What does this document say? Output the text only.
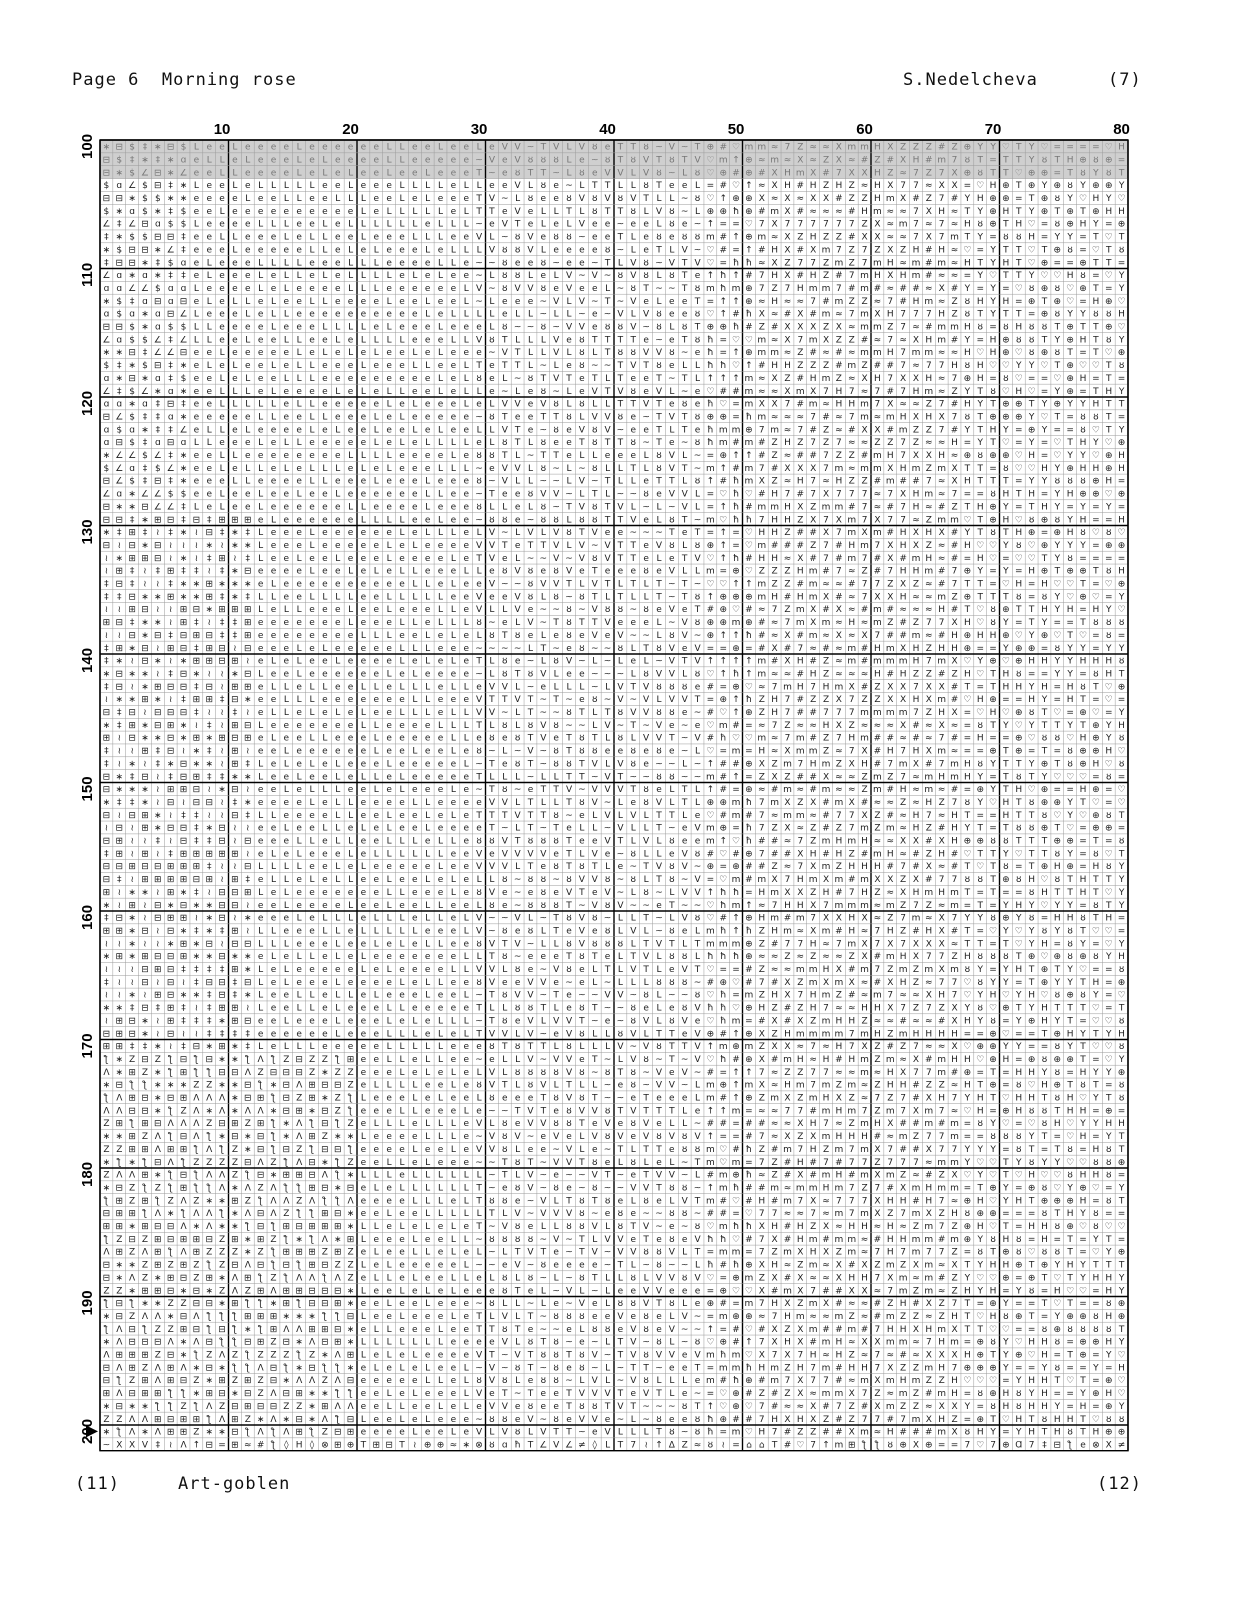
Page 6  Morning rose	S.Nedelcheva	(7)
∗ ⊟ $ ‡ ∗ ⊟ $ L e e L e e e e L e e e e e e L L e e L e e L e V V ~ T V L V ȣ e T T ȣ ~ V ~ T ⊕ # ♡ m m ≈ 7 Z ≈ ≈ X m m H X Z Z Z # Z ⊕ Y Y ♡ T Y ♡ = = = = ♡ H
⊟ $ ‡ ∗ ‡ ∗ ɑ e L L e L e e e L e L e e e e L L e e e e e ~ V e V ȣ ȣ ȣ L e ~ ȣ T ȣ V T ȣ T V ♡ m ↑ ⊕ ≈ m ≈ X ≈ Z X ≈ # Z # X H # m 7 ȣ T = T T Y ȣ T H ⊕ ȣ ⊕ =
⊟ ∗ $ ∠ ⊟ ∗ ∠ e e L L e e e e L e L e L e e L e e L e e e T ~ e ȣ T T ~ L ȣ e V V L V ȣ ~ L ȣ ♡ ⊕ # ⊕ # X H m X # 7 X X H Z ≈ 7 Z 7 X ⊕ ȣ T T ♡ ⊕ ⊕ = T ȣ Y ȣ T
$ ɑ ∠ $ ⊟ ‡ ∗ L e e L e L L L L L e e L e e e L L L L e L L e e V L ȣ e ~ L T T L L ȣ T e e L = # ♡ ↑ ≈ X H # H Z H Z ≈ H X 7 7 ≈ X X = ♡ H ⊕ T ⊕ Y ⊕ ȣ Y ⊕ ⊕ Y
⊟ ⊟ ∗ $ $ ∗ ∗ e e e e L e e L L e e L L L e e L e L e e e T V ~ L ȣ e e ȣ V ȣ V ȣ V T L L ~ ȣ ♡ ↑ ⊕ ⊕ X ≈ X ≈ X X # Z Z H m X # Z 7 # Y H ⊕ ⊕ = T ⊕ ȣ Y ♡ H Y ♡
$ ∗ ɑ $ ∗ ‡ $ e e L e e e e e e e e e e L e L L L L L e L T T e V e L L T L ȣ T T ȣ L V ȣ ~ L ⊕ ⊕ ħ ⊕ # m X # ≈ ≈ ≈ # H m ≈ ≈ 7 X H ≈ T Y ⊕ H T Y ⊕ T ⊕ T ⊕ H H
∠ ‡ ∠ ⊟ ɑ $ $ L e e e e L L L e e L e L L L L L L e L L L ~ e V T e L e L V e e ~ e e L ȣ e ~ ↑ = = ♡ 7 X 7 7 7 7 7 7 Z X ≈ m 7 ≈ 7 ≈ H ȣ ⊕ T H ♡ = ȣ ⊕ H Y = ⊕
‡ ∗ $ $ ⊟ ⊟ ‡ e e L L e e e L e L L e e L e e e L L L e e V L ~ ȣ V e ȣ ȣ ~ e e T L e ȣ e ȣ ȣ m # ↑ ⊕ m ≈ X Z H Z Z # X X ≈ ≈ 7 X 7 m T Y = ȣ ȣ H = Y Y = T ♡ T
∗ $ ⊟ ⊟ ∗ ∠ ‡ e e e L e e e e e L L e L e L e e e L e L L L V ȣ ȣ V L e e e e ȣ ~ L e T L V ~ ♡ # = ↑ # H X # X m 7 Z 7 Z X Z H # H ≈ ♡ = Y T T ♡ T ⊕ ȣ = ♡ T ȣ
‡ ⊟ ⊟ ∗ ‡ $ ɑ e L e e e L L L L e e e L L L e e e e L L e ~ ~ ȣ e e ȣ ~ e e ~ T L V ȣ ~ V T V ♡ = ħ ħ ≈ X Z 7 7 Z m Z 7 m H ≈ m # m ≈ H T Y H T ♡ ⊕ = = ⊕ T T =
∠ ɑ ∗ ɑ ∗ ‡ ‡ e L e e e L e L L e L e L L L L e L e L e e ~ L ȣ ȣ L e L V ~ V ~ ȣ V ȣ L ȣ T e ↑ ħ ↑ # 7 H X # H Z # 7 m H X H m # ≈ ≈ = Y ♡ T T Y ♡ ♡ H ȣ = ♡ Y
ɑ ɑ ∠ ∠ $ ɑ ɑ L e e e e L e L e e e e L L L e e e e e e L V ~ ȣ V V ȣ e V e e L ~ ȣ T ~ ~ T ȣ m ħ m ⊕ 7 Z 7 H m m 7 # m # ≈ # # ≈ X # Y = Y = ♡ ȣ ⊕ ȣ ♡ ⊕ T = Y
∗ $ ‡ ɑ ⊟ ɑ ⊟ e L e L L e L e e L L e e e e L e e L e e L ~ L e e e ~ V L V ~ T ~ V e L e e T = ↑ ↑ ⊕ ≈ H ≈ ≈ 7 # m Z Z ≈ 7 # H m ≈ Z ȣ H Y H = ⊕ T ⊕ ♡ = H ⊕ ♡
ɑ $ ɑ ∗ ɑ ⊟ ∠ L e e e L e L L e e e e e e e e e e L e L L L L e L L ~ L L ~ e ~ V L V ȣ e e ȣ ♡ ↑ # ħ X ≈ # X # m ≈ 7 m X H 7 7 7 H Z ȣ T Y T T = ⊕ ȣ Y Y ȣ ȣ H
⊟ ⊟ $ ∗ ɑ $ $ L L e e e e L e e e L L L L e L e e e L e e e L ȣ ~ ~ ȣ ~ V V e ȣ ȣ V ~ ȣ L ȣ T ⊕ ⊕ ħ # Z # X X X Z X ≈ m m Z 7 ≈ # m m H ȣ = ȣ H ȣ ȣ T ⊕ T T ⊕ ♡
∠ ɑ $ $ ∠ ‡ ∠ L L e e L e e L L e e L e L L L L e e e L L V ȣ T L L L V e ȣ T T T T e ~ e T ȣ ħ = ♡ ♡ m ≈ X 7 m X Z Z # ≈ 7 ≈ X H m # Y = H ⊕ ȣ ȣ T Y ⊕ H T ȣ Y
∗ ∗ ⊟ ‡ ∠ ∠ ⊟ e e L e e e e e L e L e L e L e e L e L e e e ~ V T L L V L ȣ L T ȣ ȣ V V ȣ ~ e ħ = ↑ ⊕ m m ≈ Z # ≈ # ≈ m m H 7 m m ≈ ≈ H ♡ H ⊕ ♡ ȣ ⊕ ȣ T = T ♡ ⊕
$ ‡ ∗ $ ⊟ ‡ ∗ e L e L e e L e L L e e e L e e e L L e e L T e T T L ~ L e ȣ ~ ~ T V T ȣ e L L ħ ħ ♡ ↑ # H H Z Z Z # m Z # # 7 ≈ 7 7 H ȣ H ♡ ♡ Y Y ♡ T ⊕ ♡ ♡ T ȣ
ɑ ∗ ⊟ ∗ ɑ ‡ $ e e L e L e e L L L e e e e e e e e e L e L ȣ e L ~ ȣ T V T e T L T e e T ~ T L ↑ ↑ ↑ m ≈ X Z # H m Z ≈ X H 7 X X H ≈ 7 ⊕ H = ȣ ♡ = = ♡ ⊕ H = T =
∠ ‡ $ ∠ ∗ ɑ ∗ e e L L L e L e e e e L e L e L L e e L e L L e ~ L e ȣ ~ L e V T V ȣ e V L ~ e ♡ # # m ≈ ≈ X m X 7 H 7 ≈ 7 # 7 H m ≈ Z Y T ȣ ♡ H ♡ = Y ⊕ = T H Y
ɑ ɑ ∗ ɑ ‡ ⊟ ‡ e e L L L L L e L L e e e e e L e L e e e L e L V V e V ȣ L ȣ L L T T V T e ȣ e ħ ♡ = m X X 7 # m ≈ H H m 7 X ≈ ≈ Z 7 # H Y T ⊕ ⊕ T Y ⊕ Y Y H T T
⊟ ∠ $ ‡ ‡ ɑ ∗ e e e e e L L e e L L e e e L e L e e e e e ~ ȣ T e e T T ȣ L V V ȣ e ~ T V T ȣ ⊕ ⊕ = ħ m ≈ ≈ ≈ 7 # ≈ 7 m ≈ m H X H X 7 ȣ T ⊕ ⊕ ⊕ Y ♡ T = ȣ ȣ T =
ɑ $ ɑ ∗ ‡ ‡ ∠ e L L e L e e e e L e L e e L e e L e L e e L L V T e ~ ȣ e V ȣ V ~ e e T L T e ħ m m ⊕ 7 m ≈ 7 # Z ≈ # X X # m Z Z 7 # Y T H Y = ⊕ Y = = ȣ ♡ T Y
ɑ ⊟ $ ‡ ɑ ⊟ ɑ L L e e e L e L L e e e e e L e L e L L L L e L ȣ T L ȣ e e T ȣ T T ȣ ~ T e ~ ȣ ħ m # m # Z H Z 7 Z 7 ≈ ≈ Z Z 7 Z ≈ ≈ H = Y T ♡ = Y = ♡ T H Y ♡ ⊕
∗ ∠ ∠ $ ∠ ‡ ∗ e e L L e e e e e e e e L L L L e e e e L e ȣ ȣ T L ~ T T e L L e e e L ȣ V L ~ = ⊕ ↑ ↑ # Z ≈ # # 7 Z Z # m H 7 X X H ≈ ⊕ ȣ ⊕ ⊕ ♡ H = ♡ Y Y ♡ ⊕ H
$ ∠ ɑ ‡ $ ∠ ∗ e e L e L L e L e L L L e L e L e e e L L L ~ e V V L ȣ ~ L ~ ȣ L L T L ȣ V T ~ m ↑ # m 7 # X X X 7 m ≈ m m X H m Z m X T T = ȣ ♡ ♡ H Y ⊕ H H ⊕ H
⊟ ∠ $ ‡ ⊟ ‡ ∗ e e e L L e e e e L L e e e L e e e L e e e ȣ ~ V L L ~ ~ L V ~ T L L e T T L ȣ ↑ # ħ m X Z ≈ H 7 ≈ H Z Z # m # # 7 ≈ X H T T T = Y Y ȣ ȣ ȣ ⊕ H =
∠ ɑ ∗ ∠ ∠ $ $ e e L e e L e e L e e L e e e e e e L L e e ~ T e e ȣ V V ~ L T L ~ ~ ȣ e V V L = ♡ ħ ♡ # H 7 # 7 X 7 7 7 ≈ 7 X H m ≈ 7 = = ȣ H T H = Y H ⊕ ⊕ ♡ ⊕
⊟ ∗ ∗ ⊟ ∠ ∠ ‡ L e L e e L e e e e e e L L e e e e L e e e ȣ L L e L ȣ ~ T V ȣ T V L ~ L ~ V L = ↑ ħ # m m H X Z m m # 7 ≈ # 7 H ≈ # Z T H ⊕ Y = T H Y = Y = Y =
⊟ ⊟ ‡ ∗ ⊞ ⊟ ‡ ⊟ ‡ ⊞ ⊞ ⊞ e L e e e e e e L L L L e e L e e ~ ȣ ȣ e ~ ȣ ȣ L ȣ ȣ T T V e L ȣ T ~ m ♡ ħ ħ 7 H H Z X 7 X m 7 X 7 7 ≈ Z m m ♡ T ⊕ H ♡ ȣ ⊕ ȣ Y H = = H
∗ ‡ ⊞ ‡ ≀ ‡ ∗ ≀ ⊟ ‡ ∗ ‡ L e e e L e e e e e e L e L L L e L V ~ L V L V ȣ T V e e ~ ~ ~ T e T = ↑ = ♡ H H Z # # X 7 m X m # H X H X # Y T ȣ T H ⊕ = ⊕ H ȣ ♡ ȣ ♡
⊟ ≀ ⊟ ∗ ⊟ ≀ ≀ ≀ ∗ ≀ ∗ ∗ L e e e L e e e e e L e L e e e e V V T e T T V L V ~ V T T e V ȣ L ȣ ⊕ ↑ = ♡ m # # # Z 7 # H m 7 X H X Z ≈ # H ♡ ♡ Y ȣ ♡ ⊕ Y Y Y = ⊕ ⊕
≀ ∗ ⊞ ⊞ ⊟ ≀ ∗ ≀ ‡ ⊞ ≀ ‡ L e e L e e L e e e L e e e e L e T V e L ~ ~ V ~ V ȣ V T T e L e T V ♡ ↑ ħ # H H ≈ X # 7 # m 7 # X # m H ≈ # = H ♡ = ♡ ♡ T Y ȣ = = = =
≀ ⊞ ‡ ≀ ‡ ⊞ ‡ ‡ ≀ ‡ ∗ ⊟ e e e e L e e L e L e L L e e e L L e ȣ V ȣ e ȣ V e T e e e ȣ e V L L m = ⊕ ♡ Z Z Z H m # 7 ≈ Z # 7 H H m # 7 ⊕ Y = Y = H ⊕ T ⊕ ⊕ T ȣ H
‡ ⊟ ‡ ≀ ≀ ‡ ∗ ∗ ⊞ ∗ ∗ ∗ e L e e e e e e e e e e L L e L e e V ~ ~ ȣ V V T L V T L T L T ~ T ~ ♡ ♡ ↑ ↑ m Z Z # m ≈ ≈ # 7 7 Z X Z ≈ # 7 T T = ♡ H = H ♡ ♡ T = ♡ ⊕
‡ ‡ ⊟ ∗ ∗ ⊞ ∗ ∗ ⊞ ‡ ∗ ‡ L L e e L L L L e e L L L L L e e V e e V ȣ L ȣ ~ ȣ T L T L L T ~ T ȣ ↑ ⊕ ⊕ ⊕ m H # H m X # ≈ 7 X X H ≈ ≈ m Z ⊕ T T T ȣ = ȣ Y ♡ ⊕ ♡ = Y
≀ ≀ ⊞ ⊟ ≀ ≀ ⊞ ⊟ ∗ ⊞ ⊞ ⊞ L e L L e e e L e e L e e e L L e V L L V e ~ ~ ȣ ~ V ȣ ȣ ~ ȣ e V e T # ⊕ ♡ # ≈ 7 Z m X # X ≈ # m # ≈ ≈ ≈ H # T ♡ ȣ ⊕ T T H Y H = H Y ♡
⊞ ⊟ ‡ ∗ ∗ ≀ ⊞ ‡ ≀ ‡ ‡ ⊞ e e e e e e e L e e e L L e L L L ȣ ~ e L V ~ T ȣ T T V e e e L ~ V ȣ ⊕ ⊕ m ⊕ # ≈ 7 m X m ≈ H ≈ m Z # Z 7 7 X H ♡ ȣ Y = T Y = = T ȣ ȣ ȣ
≀ ≀ ⊟ ∗ ⊟ ‡ ⊟ ⊞ ⊟ ‡ ‡ ⊞ e e e e e e e e L L L e e L e L e L ȣ T ȣ e L e ȣ e V e V ~ ~ L ȣ V ~ ⊕ ↑ ↑ ħ # ≈ X # m ≈ X ≈ X 7 # # m ≈ # H ⊕ H H ⊕ ♡ Y ⊕ ♡ T ♡ = ȣ =
‡ ⊞ ∗ ⊟ ≀ ⊞ ⊟ ‡ ⊞ ⊟ ≀ ⊟ e e e L e L e e e e e L L L e e e ~ ~ ~ ~ L T ~ e ȣ ~ ~ ȣ L T ȣ V e V = = ⊕ = # X # 7 ≈ # ≈ m # H m X H Z H H ⊕ = = Y ⊕ ⊕ = ȣ Y Y = Y Y
‡ ∗ ≀ ⊟ ∗ ≀ ∗ ⊞ ⊞ ⊟ ⊞ ≀ e L e L e e L e e e e L e L e L e T L ȣ e ~ L ȣ V ~ L ~ L e L ~ V T V ↑ ↑ ↑ ↑ m # X H # Z ≈ m # m m m H 7 m X ♡ Y ⊕ ♡ ⊕ H H Y Y H H H ȣ
∗ ⊟ ∗ ∗ ≀ ‡ ⊟ ∗ ≀ ≀ ∗ ⊟ L e e L e e e e e e L e L e e e e ~ L ȣ T ȣ V L e e ~ ~ ~ L ȣ V V L ȣ ♡ ↑ ħ ↑ m ≈ ≈ # H Z ≈ ≈ ≈ H # H Z Z # Z H ♡ T H ȣ = = Y Y = ȣ H T
‡ ⊟ ≀ ∗ ⊞ ⊟ ⊟ ‡ ⊟ ≀ ⊞ ⊞ e L L e L L e e L L e L L L e L L e V V L ~ e L L L ~ L V T V ȣ ȣ ȣ e # = ⊕ ♡ ≈ 7 m H 7 H m X # Z X X 7 X X # T = T H H Y H = H ȣ T ♡ ⊕
≀ ∗ ∗ ⊞ ∗ ≀ ‡ ⊞ ⊞ ‡ ⊟ ∗ e e L L L e e e e e e e L L e e e V T T V T ~ T ~ e ȣ ~ V ~ V L V V T = ⊕ ↑ ħ Z H 7 # Z Z X 7 Z Z X X H X m # ♡ H ⊕ = = H Y = H T = ♡ =
⊟ ‡ ⊟ ≀ ⊟ ⊟ ⊟ ‡ ≀ ≀ ‡ ≀ e L L e L e L e L e e L L L e L L V V ~ L T ~ ~ ȣ T L T ȣ V V ȣ ȣ e ~ # ♡ ↑ ⊕ Z H 7 # # 7 7 7 m m m m 7 Z H X = ♡ H ♡ ⊕ ȣ T ♡ = ⊕ ♡ = Y
∗ ‡ ⊞ ∗ ⊟ ⊞ ∗ ≀ ‡ ≀ ⊞ ⊟ L e e e e e e e L L e e e e L L L T L ȣ L ȣ V ȣ ~ ~ L V ~ T ~ V e ~ e ♡ m # = ≈ 7 Z ≈ ≈ H X Z ≈ ≈ ≈ X # ≈ X ≈ = ȣ T Y ♡ Y T T Y T ⊕ Y H
⊞ ≀ ⊟ ∗ ∗ ⊟ ∗ ⊞ ∗ ⊞ ⊟ ⊞ e L e e L L e e e L e e e e e L L e ȣ e ȣ T V e T ȣ T L ȣ L V V T ~ V # ħ ♡ ♡ m ≈ 7 m # Z 7 H m # # ≈ # ≈ 7 # = H = = ⊕ ♡ ȣ ȣ ♡ H ⊕ Y ȣ
‡ ≀ ≀ ⊞ ‡ ⊟ ≀ ∗ ‡ ≀ ⊞ ≀ e e L e e e e e e L e e L e e L e ȣ ~ L ~ V ~ ȣ T ȣ ȣ e e ȣ e ȣ e ~ L ♡ = m = H ≈ X m m Z ≈ 7 X # H 7 H X m ≈ = = ⊕ T ⊕ = T = ȣ ⊕ ⊕ H ♡
‡ ≀ ∗ ≀ ‡ ∗ ⊟ ∗ ∗ ≀ ⊞ ‡ L e L e L e L e e e L e e e e e L ~ T e ȣ T ~ ȣ ȣ T V L V ȣ e ~ ~ L ~ ↑ # # ⊕ X Z m 7 H m Z X H # 7 m X # 7 m H ȣ Y T T Y ⊕ T ȣ ⊕ H ♡ ȣ
⊟ ∗ ‡ ⊟ ≀ ‡ ⊟ ⊞ ‡ ‡ ∗ ∗ L e e L e e L e L L e L e e e e e T L L L ~ L L T T ~ V T ~ ~ ȣ ȣ ~ ~ m # ↑ = Z X Z # # X ≈ ≈ Z m Z 7 ≈ m H m H Y = T ȣ T Y ♡ ♡ ♡ = ȣ =
⊟ ∗ ∗ ∗ ≀ ⊞ ⊞ ⊟ ≀ ∗ ⊟ ≀ e e L e L L L e e L e L e e e L e ~ T ȣ ~ e T T V ~ V V V T ȣ e L T L ↑ # = ⊕ ≈ # m ≈ # m ≈ ≈ Z m # H ≈ m ≈ # = ⊕ Y T H ♡ ⊕ = = H ⊕ = ♡
∗ ‡ ‡ ∗ ≀ ⊟ ≀ ⊟ ⊟ ≀ ‡ ∗ e e e e L e L L e e e e L L e e e e V V L T L L T ȣ V ~ L e ȣ V L T L ⊕ ⊕ m ħ 7 m X Z X # m X # ≈ ≈ Z ≈ H Z 7 ȣ Y ♡ H T ȣ ⊕ ⊕ Y T ♡ = ♡
⊟ ≀ ⊟ ⊞ ∗ ≀ ‡ ‡ ≀ ≀ ⊟ ‡ L L e e e e L L e e L e e L e L e T T T V T T ȣ ~ e L V L V L T T L e ♡ # m # 7 ≈ m m ≈ # 7 7 X Z # ≈ H 7 ≈ H T = = H T T ȣ ♡ Y ♡ ⊕ ȣ T
≀ ⊟ ≀ ⊞ ∗ ⊟ ⊟ ‡ ∗ ⊟ ≀ ≀ e e L e e L L e L e L e e L e e e e T ~ L T ~ T e L L ~ V L L T ~ e V m ⊕ = ħ 7 Z X ≈ Z # Z 7 m Z m ≈ H Z # H Y T = T ȣ ȣ ⊕ T ♡ = ⊕ ⊕ =
⊟ ⊞ ≀ ≀ ‡ ≀ ⊟ ‡ ‡ ⊟ ≀ ⊟ e e e L L e L L e e L L L e L L e ȣ ȣ V T ȣ ȣ ȣ T e e V T L V L ȣ e e m ↑ ♡ ħ # # ≈ 7 Z m H m H ≈ ≈ X X # X H ⊕ ⊕ ȣ ȣ T T T ⊕ ⊕ = T = ȣ
‡ ⊞ ≀ ⊞ ≀ ‡ ⊞ ⊞ ⊞ ⊞ ⊞ ≀ e L e L e e e L e L L L L L L e e V e V V V V e T L V e ~ ȣ L L e V ȣ # ♡ # ⊕ 7 # # X H # H Z # m H ≈ # Z H # ♡ T T Y ♡ T T ȣ Y = ȣ ♡ T
⊟ ⊟ ⊞ ⊟ ⊟ ⊞ ⊞ ⊞ ‡ ≀ ≀ ⊟ L L L L e e L e L e e e e e L e e V V V L T e ȣ T ȣ T L e ~ T V ȣ V ~ ⊕ = ⊕ # # Z ≈ 7 X m Z H H H # 7 # X ≈ # T ♡ T ȣ = T ⊕ H ⊕ = H ȣ Y
⊟ ‡ ≀ ⊞ ⊞ ⊞ ⊞ ⊟ ⊞ ≀ ⊞ ‡ e L L e L e L L e e L e e L e L e L L ȣ ~ ȣ ȣ ~ ȣ V V ȣ ~ ȣ L T ȣ ~ V = ♡ m # m X 7 H m X m # m X X Z X # 7 7 ȣ ȣ T ⊕ ȣ H ♡ ȣ T H T T Y
⊞ ≀ ∗ ∗ ≀ ⊞ ∗ ‡ ≀ ⊟ ⊟ ⊞ L e L e e e e e e e L L e e e L e ȣ V e ~ e ȣ e V T e V ~ L ȣ ~ L V V ↑ ħ ħ = H m X X Z H # 7 H Z ≈ X H m H m T = T = = ȣ H T T H T ♡ Y
∗ ≀ ⊞ ≀ ⊟ ∗ ⊟ ∗ ∗ ⊟ ⊟ ≀ e e L e e e e L e e L e e L L e e L ȣ e ~ ȣ ȣ ȣ T ~ V ȣ V ~ ~ e T ~ ~ ♡ ħ m ↑ ≈ 7 H H X 7 m m m ≈ m Z 7 Z ≈ m = T = Y H Y ♡ Y Y = ȣ T Y
‡ ⊟ ∗ ≀ ⊟ ⊞ ⊞ ≀ ∗ ⊟ ≀ ∗ e e e L e L L L e L L L e L L e L V ~ ~ V L ~ T ȣ V ȣ ~ L L T ~ L V ȣ ♡ # ↑ ⊕ H m # m 7 X X H X ≈ Z 7 m ≈ X 7 Y Y ȣ ⊕ Y ȣ = H H ȣ T H =
⊞ ⊞ ∗ ⊟ ≀ ⊟ ∗ ‡ ∗ ‡ ⊞ ≀ L L e e e L L e L L L L L e e e L V ~ ȣ e ȣ L T e V e ȣ L V L ~ ȣ e L m ħ ↑ ħ Z H m ≈ X m # H ≈ 7 H Z # H X # T = ♡ Y ♡ Y ȣ Y ȣ T ♡ ♡ =
≀ ≀ ∗ ≀ ≀ ∗ ⊞ ∗ ⊟ ≀ ⊟ ⊟ L L L e e e L e e L e L e L L e e ȣ V T V ~ L L ȣ V ȣ ȣ ȣ L T V T L T m m m ⊕ Z # 7 7 H ≈ 7 m X 7 X 7 X X X ≈ T T = T ♡ Y H = ȣ Y = ♡ Y
∗ ⊞ ∗ ⊞ ⊟ ⊟ ⊞ ∗ ∗ ⊟ ∗ ∗ e L e L L e L e L e e e e e e e L L T ȣ ~ e e e T ȣ T e L T V L ȣ ȣ L ħ ħ ħ ⊕ ≈ ≈ Z ≈ Z ≈ ≈ Z X # m H X 7 7 Z H ȣ ȣ ȣ T ⊕ ♡ ⊕ ȣ ⊕ ȣ Y H
≀ ≀ ≀ ⊟ ⊞ ⊟ ‡ ‡ ‡ ‡ ⊞ ∗ L e L e e e e e L e L e e e e L L V V L ȣ e ~ V ȣ e L T L V T L e V T ♡ = = # Z ≈ ≈ m m H X # m 7 Z m Z m X m ȣ Y = Y H T ⊕ T Y ♡ = = ȣ
‡ ≀ ≀ ⊟ ≀ ⊟ ≀ ‡ ⊟ ⊟ ‡ ⊟ L e L e e e L e e e e L e L L e e ȣ V e e V V e ~ e L ~ L L L ȣ ȣ ȣ ~ # ⊕ ♡ # 7 # X Z m X m X ≈ # X H Z ≈ 7 7 ♡ ȣ Y Y = T ⊕ Y Y T H = ⊕
≀ ≀ ∗ ≀ ⊞ ⊟ ∗ ∗ ‡ ⊟ ‡ ∗ L e e L L e L L e L e e e L e e L ~ T ȣ V V ~ T e ~ ~ V V ~ ȣ L ~ ~ ȣ ♡ ħ = m Z H X 7 H m Z # ≈ m 7 ≈ ≈ X H 7 ♡ Y H ♡ Y H ♡ ȣ ⊕ ȣ Y = ♡
∗ ∗ ‡ ⊟ ‡ ⊞ ‡ ≀ ‡ ⊞ ⊞ ≀ L e e L L e L e e e L L e e e e e T L L ȣ ȣ T L e ȣ T ~ ~ ȣ e L e ȣ V ħ ħ ♡ ⊕ H Z # Z H 7 ≈ ≈ H H X 7 Z 7 Z X Y ȣ ♡ ⊕ T Y H T T T ♡ = T
≀ ⊞ ⊟ ∗ ≀ ⊞ ‡ ‡ ‡ ∗ ⊞ ⊟ e e L e e e L e e e L e L e L L L ~ T ȣ e V L V V T ~ e ~ ȣ V L ȣ V e ♡ ħ m = # X # X Z m H H Z ≈ ≈ # ≈ ≈ # X H Y ȣ = Y ⊕ H Y T = ♡ ♡ ȣ
⊟ ⊞ ⊟ ∗ ≀ ⊟ ≀ ≀ ‡ ‡ ‡ ‡ e e e e e e L e e e L L L e L e L T V V L V ~ e V ȣ L L ȣ V L T T e V ⊕ # ↑ ⊕ X Z H m m m m 7 m H Z m H H H H = = ⊕ ♡ = = T ⊕ H Y T Y H
⊞ ⊞ ‡ ‡ ∗ ≀ ‡ ⊟ ∗ ⊞ ∗ ‡ L e L L L e e e e e L L L L L e e e ȣ T ȣ T T L ȣ L L L V ~ V ȣ T T V ↑ m ⊕ m Z X X ≈ 7 ≈ H 7 X Z # Z 7 ≈ ≈ X ♡ ⊕ ⊕ Y Y = = ȣ Y T ♡ ♡ ȣ
ƪ ∗ Z ⊟ Z ƪ ⊟ ƪ ⊟ ∗ ∗ ƪ Ʌ ƪ Z ⊟ Z Z ƪ ⊞ e e L L e L L e e ~ e L L V ~ V V e T ~ L V ȣ ~ T ~ V ♡ ħ # ⊕ X # m H ≈ H # H m Z m ≈ X # m H H ♡ ⊕ H = ⊕ ȣ ⊕ ⊕ T = ♡ Y
Ʌ ∗ ⊞ Z ∗ ƪ ⊞ ƪ ƪ ⊟ ⊟ Ʌ Z ⊟ ⊟ ⊟ Z ∗ Z Z e e e L e L e L e L V L ȣ ȣ ȣ ȣ V ȣ ~ ȣ T ȣ ~ V e V ~ # = ↑ ↑ 7 ≈ Z Z 7 7 ≈ ≈ m ≈ H X 7 7 m # ⊕ = T = H H Y ȣ = H Y Y ⊕
∗ ⊟ ƪ ƪ ∗ ∗ ∗ Z Z ∗ ∗ ⊟ ƪ ∗ ⊟ Ʌ ⊞ ⊟ ⊟ Z e L L L L e e L e ȣ V T L ȣ V L T L L ~ e ȣ ~ V V ~ L m ⊕ ↑ m X ≈ H m 7 m Z m ≈ Z H H # Z Z ≈ H T ⊕ = ȣ ♡ H ⊕ T ȣ T = ȣ
ƪ Ʌ ⊞ ⊟ ∗ ⊟ ⊞ Ʌ Ʌ Ʌ ∗ ⊟ ⊞ ƪ ⊟ Z ⊞ ∗ Z ƪ L e e e L e L e e L ȣ e e e T ȣ V ȣ T ~ ~ e T e e e L m # ↑ ⊕ Z m X Z m H X Z ≈ 7 Z 7 # X H 7 Y H T ♡ H H T ȣ H ♡ Y T ȣ
Ʌ Ʌ ⊟ ⊟ ∗ ƪ Z Ʌ ∗ Ʌ ∗ Ʌ Ʌ ∗ ⊟ ⊞ ∗ ⊟ Z ƪ e e e L L e e e L e ~ ~ T V T e ȣ V V ȣ T V T T T L e ↑ ↑ m = ≈ ≈ 7 7 # m H m 7 Z m 7 X m 7 ≈ ♡ H = ⊕ H ȣ ȣ T H H = ⊕ =
Z ⊞ ƪ ⊞ ⊟ Ʌ Ʌ Ʌ Z ⊟ ⊞ Z ⊞ ƪ ∗ Ʌ ƪ ⊟ ƪ Z e L L L e L L L e V L ȣ e V V ȣ ȣ T e V e ȣ V e L L ~ # # = # # ≈ ≈ X H 7 ≈ Z m H X # # m # m = ȣ Y ♡ = ♡ ȣ H ♡ Y Y H H
∗ ∗ ⊞ Z Ʌ ƪ ⊟ Ʌ ƪ ∗ ⊟ ∗ ⊟ ƪ ∗ Ʌ ⊞ Z ∗ ∗ L e e e e L L L e ~ V ȣ V ~ e V e L V ȣ V e V ȣ V ȣ V ↑ = = # 7 ≈ X Z X m H H H # ≈ m Z 7 7 m = = ȣ ȣ ȣ Y T = ♡ H = Y T
Z Z ⊞ ⊞ Ʌ ⊞ ⊞ ƪ Ʌ ƪ Z ∗ ⊟ ƪ ⊟ Z ƪ ⊟ ⊟ ƪ e e e e L e e L e V V ȣ L e e ~ V L e ~ T L T T e ȣ ȣ m ♡ # ħ Z # m 7 H Z m 7 m X 7 # # X 7 7 Y Y Y = ȣ T = T ȣ = H ȣ T
∗ ƪ ∗ ƪ ⊟ Ʌ ƪ Z Z Z Z ⊟ Ʌ Z ƪ Ʌ ⊟ ∗ ƪ Z e e L L e L e e e ~ ~ T ȣ T ~ V V T ȣ e L ȣ L e L ~ T m ♡ m = 7 Z # H # 7 # 7 7 Z 7 7 7 ≈ m m Y ♡ ♡ T Y ȣ Y Y ♡ ♡ ȣ ȣ ⊕
Z Ʌ Ʌ ⊞ ∗ ƪ ⊟ ƪ Ʌ Ʌ Z ƪ ⊟ ∗ ⊞ ⊞ ⊟ Ʌ ƪ ∗ L L L e L L L L L L ~ T L V ~ e ~ ~ V T ~ e T V V ~ L # m ⊕ ħ ≈ Z # X # m H # m X m Z ≈ # Z X ♡ Y ♡ T ♡ H ♡ ♡ ȣ H H ȣ =
∗ ⊟ Z ƪ Z ƪ ⊞ ƪ ƪ Ʌ ∗ Ʌ Z Ʌ ƪ ƪ ⊞ ⊟ ∗ ⊟ e L e L L L L L L T ~ e ȣ V ~ ȣ e ~ ȣ ~ ~ V V T ȣ ȣ ~ ↑ m ħ # # m ≈ m m H m 7 Z 7 # X m H m m = T ⊕ Y = ⊕ ȣ ♡ Y ⊕ ♡ = Y
ƪ ⊞ Z ⊞ ƪ Z Ʌ Z ∗ ∗ ⊞ Z ƪ Ʌ Ʌ Z Ʌ ƪ ƪ Ʌ e e e e L L L e L T ȣ ȣ e ~ V L T ȣ T ȣ e L ȣ e L V T m # ♡ # H # m 7 X ≈ 7 7 7 X H H # H 7 ≈ ⊕ H ♡ Y H T ⊕ ⊕ ⊕ H = ȣ T
⊟ ⊞ ⊞ ƪ Ʌ ∗ ƪ Ʌ Ʌ ƪ ∗ Ʌ ⊟ Ʌ Z ƪ ƪ ⊞ ⊟ ∗ e e L e e L L L L L T L V ~ V V V ȣ ~ e ȣ e ~ ~ ȣ ȣ ~ # # = ♡ 7 7 ≈ ≈ 7 ≈ m 7 m X Z 7 m X Z H ȣ ⊕ ⊕ = = = ȣ T H Y ȣ = =
⊞ ⊞ ∗ ⊞ ⊟ ⊟ Ʌ ∗ Ʌ ∗ ∗ ƪ ⊟ ƪ ⊞ ⊟ ⊞ ⊞ ⊞ ∗ L L e L e L e L e T ~ V ȣ e L L ȣ ȣ V L ȣ T V ~ e ~ ȣ ♡ m ħ ħ X H # H Z X ≈ H H ≈ H ≈ Z m 7 Z ⊕ H ♡ T = H H ȣ ⊕ ♡ ȣ ♡ ♡
ƪ Z ⊟ Z ⊞ ⊟ ⊞ ⊞ ⊟ Z ⊞ ∗ ⊞ Z ƪ ∗ ƪ Ʌ ∗ ⊞ L e e e L e e L L ~ ȣ ȣ ȣ ȣ ~ V ~ T L V V e T e ȣ e V ħ ħ ♡ # 7 X # H m # m m ≈ # H H m m # m ⊕ Y ȣ H ȣ = H = T = Y T =
Ʌ ⊞ Z Ʌ ⊞ ƪ Ʌ ⊞ Z Z Z ∗ Z ƪ ⊞ ⊞ ⊞ Z ⊞ Z e L e e L L e L e L ~ L T V T e ~ T V ~ V V ȣ ȣ V L T = m m = 7 Z m X H X Z m ≈ 7 H 7 m 7 7 Z = ȣ T ⊕ ȣ ♡ ȣ ȣ T = ♡ Y ⊕
⊟ ∗ ∗ Z ⊞ Z ⊞ Z ƪ Z ⊟ Ʌ ⊟ ƪ ⊟ ƪ ⊞ ⊟ Z Z L e L e e e e e L ~ ~ e V ~ ȣ e e e e ~ T L ~ ȣ ~ ~ L ħ # ħ ⊕ X H ≈ Z m ≈ X # X Z m Z X m ≈ X T Y H H ⊕ T ⊕ Y H Y T T T
⊟ ∗ Ʌ Z ∗ ⊞ ⊟ Z ⊞ ∗ Ʌ ⊞ ƪ Z ƪ Ʌ Ʌ ƪ Ʌ Z e L L e L e e L L e L ȣ L ȣ ~ L ~ ȣ T L L ȣ L V V ȣ V ♡ = ⊕ m Z X # X ≈ ≈ X H H 7 X m ≈ m # Z Y ♡ ♡ ⊕ = ⊕ T ♡ T Y H H Y
Z Z ∗ ⊞ ⊞ ⊟ ∗ ⊟ ∗ Z Ʌ Z ⊞ Ʌ ⊞ ⊞ ⊟ ⊟ ⊟ ∗ L e e L e L e L e e e ȣ T e L ~ V L ~ L e e V V e e e = ⊕ ♡ ♡ X # m X 7 # # X X ≈ 7 m Z m ≈ Z H Y H = Y ȣ = H ♡ ♡ = H Y
ƪ ⊟ ƪ ∗ ∗ Z Z ⊟ ⊟ ∗ ⊞ ƪ ƪ ∗ ⊞ ƪ ⊟ ⊟ ⊞ ∗ e e L e e L e e e ~ ȣ L L ~ L e ~ V e L ȣ ȣ V T ȣ L e ⊕ # = m 7 H X Z m X # ≈ ≈ # Z H # X Z 7 T = ⊕ Y = = T ♡ T = = ȣ ⊕
∗ ⊟ Z Ʌ Ʌ ∗ ⊟ Ʌ ƪ ƪ ƪ ⊞ ⊞ ⊞ ∗ ∗ ∗ ƪ ƪ ⊟ L e e L e e e L e T L V L T ~ ȣ ȣ ȣ e e V e ȣ e L V ~ = m ⊕ ⊕ ≈ 7 H m ≈ ≈ m Z ≈ # m Z Z ≈ Z H T ♡ H ȣ ⊕ T = Y ⊕ ⊕ ȣ H ⊕
ƪ Ʌ ⊟ ƪ Z Z ⊞ ⊟ ƪ ⊟ ƪ ∗ ƪ ⊞ Ʌ Ʌ ⊞ ⊞ ⊟ ∗ e L L e e e L e e T T ȣ T e ~ ~ e L ȣ ȣ e V ȣ e V ~ ~ ↑ = # ♡ # X Z X m # # m # 7 H H X H m X T T ♡ ♡ = = ȣ ⊕ ȣ ȣ ȣ ȣ T
∗ Ʌ ⊟ ⊟ ⊟ Ʌ ∗ Ʌ ⊟ ƪ ƪ ⊟ ⊞ Z ⊟ ∗ Ʌ ⊟ ⊞ ∗ L L L L L L L e e e e V L ȣ T ȣ ~ e ~ L T V ~ ȣ L ~ ȣ ♡ ⊕ # ↑ 7 X H X # m H ≈ X X m m ≈ 7 H m = ⊕ ȣ Y ♡ H H ȣ = ⊕ ⊕ H Y
Ʌ ⊞ ⊞ ⊞ Z ⊟ ∗ ƪ Z Ʌ Z ƪ Z Z Z ƪ Z ∗ Ʌ ⊞ L e L e L e e e e V T ~ V T ȣ ȣ T ȣ V ~ T V ȣ V V e V m ħ m ♡ X 7 X 7 H ≈ H Z ≈ 7 ≈ # ≈ X X X H ⊕ T Y ⊕ ♡ H = T ⊕ = Y ♡
⊟ Ʌ ⊞ Z Ʌ ⊞ Ʌ ∗ ⊟ ∗ ƪ ƪ Ʌ ⊟ ƪ ∗ ⊟ ƪ ƪ ∗ e L e L e L e e L ~ V ~ ȣ T ~ ȣ e ȣ ~ L ~ T T ~ e e T = m m ħ H m Z H 7 m # H H 7 X Z Z m H 7 ⊕ ⊕ ⊕ Y = = Y ȣ = = Y = H
⊟ ƪ Z ⊞ Ʌ ⊞ ⊟ Z ∗ ⊞ Z ⊞ Z ⊟ ∗ Ʌ Ʌ Z Ʌ ⊟ e e e e e L L e L ȣ V ȣ L e ȣ ȣ ~ L V L ~ V ȣ L L L e m # ħ ⊕ # m 7 X 7 7 # ≈ m X m H m Z Z H ♡ ♡ ♡ = Y H H T ♡ T = ⊕ ♡
⊞ Ʌ ⊟ ⊞ ⊞ ƪ ƪ ∗ ⊞ ⊟ ∗ ⊟ Z Ʌ ⊟ ⊞ ∗ ∗ ƪ ƪ e e L e L e e e L V e T ~ T e e T V V V T e V T L e ~ = ♡ ⊕ # Z # Z X ≈ m m X 7 Z ≈ m Z # m H = ȣ ⊕ H ȣ Y H = = Y ⊕ H ♡
∗ ⊟ ∗ ∗ ƪ ƪ Z ƪ Ʌ Z ⊟ ⊞ ⊟ ⊟ Z Z ∗ ⊞ Ʌ Ʌ e e L L e e L e L e V V e ȣ e e T ȣ ȣ T V T ~ ~ ~ ȣ T ↑ ♡ ⊕ ♡ 7 # ≈ ≈ X # 7 Z # X m Z Z ≈ X X Y = ȣ H ȣ H H Y = H = ⊕ Y
Z Z Ʌ Ʌ ⊞ ⊟ ⊞ ⊞ ƪ Ʌ ⊞ Z ∗ Ʌ ∗ ⊟ ∗ Ʌ ƪ ⊟ L e e L e L e e e ~ ȣ ȣ e V ~ ȣ e V V e ~ L ~ ȣ e e ȣ ħ ⊕ # # 7 H X H X Z # Z 7 7 # 7 m X H Z = ⊕ T ♡ H T ȣ H H T ♡ ȣ ȣ
∗ ƪ Ʌ ∗ Ʌ ⊞ ⊞ Z ∗ ∗ ⊟ ƪ Ʌ ƪ Ʌ ⊞ ƪ Z ⊟ ⊞ e e e e L e e L e V L V ȣ L V T T ~ e V L L L T ȣ ~ ȣ ħ = m ♡ H 7 # Z Z # # X m ≈ H # # # m X ȣ H Y = Y H T H ȣ T H ⊕ ⊕
~ X X V ‡ ≀ Ʌ ↑ ⊟ = ⊞ ≈ # ƪ ◊ H ◊ ⊗ ⊞ ⊕ T ⊞ ⊟ T ≀ ⊕ ⊕ ≈ ∗ ⊗ ȣ ɑ ħ T ∠ V ∠ ≠ ◊ L T 7 ≀ ↑ Δ Z ≈ ȣ ≀ = ⌂ ⌂ T # ♡ 7 ↑ m ⊞ ƪ ƪ ȣ ⊕ X ⊕ = = 7 ♡ 7 ⊕ Ɑ 7 ‡ ⊟ ƪ e ⊗ X ≠
10	20	30	40	50	60	70	80
100
110
120
130
140
150
160
170
180
190
(11)	Art-goblen	(12)
